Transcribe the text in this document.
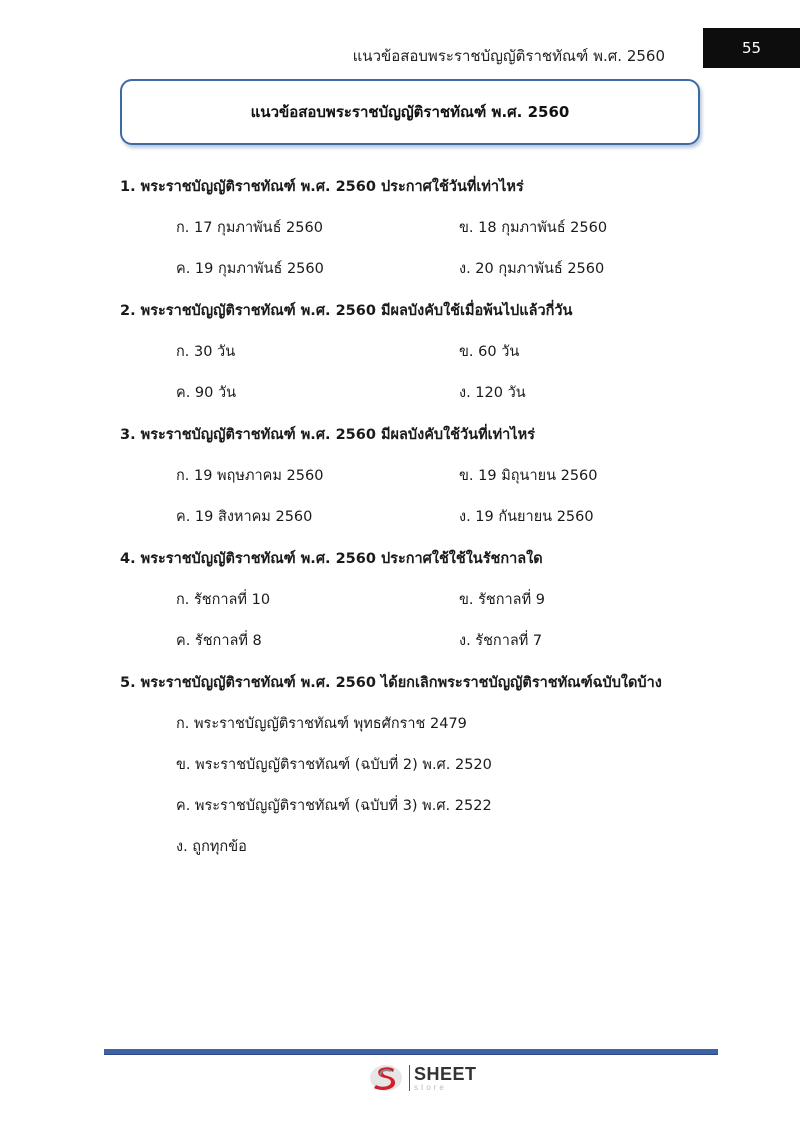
แนวข้อสอบพระราชบัญญัติราชทัณฑ์ พ.ศ. 2560	55
แนวข้อสอบพระราชบัญญัติราชทัณฑ์ พ.ศ. 2560
1. พระราชบัญญัติราชทัณฑ์ พ.ศ. 2560 ประกาศใช้วันที่เท่าไหร่
ก. 17 กุมภาพันธ์ 2560	ข. 18 กุมภาพันธ์ 2560
ค. 19 กุมภาพันธ์ 2560	ง. 20 กุมภาพันธ์ 2560
2. พระราชบัญญัติราชทัณฑ์ พ.ศ. 2560 มีผลบังคับใช้เมื่อพ้นไปแล้วกี่วัน
ก. 30 วัน	ข. 60 วัน
ค. 90 วัน	ง. 120 วัน
3. พระราชบัญญัติราชทัณฑ์ พ.ศ. 2560 มีผลบังคับใช้วันที่เท่าไหร่
ก. 19 พฤษภาคม 2560	ข. 19 มิถุนายน 2560
ค. 19 สิงหาคม 2560	ง. 19 กันยายน 2560
4. พระราชบัญญัติราชทัณฑ์ พ.ศ. 2560 ประกาศใช้ใช้ในรัชกาลใด
ก. รัชกาลที่ 10	ข. รัชกาลที่ 9
ค. รัชกาลที่ 8	ง. รัชกาลที่ 7
5. พระราชบัญญัติราชทัณฑ์ พ.ศ. 2560 ได้ยกเลิกพระราชบัญญัติราชทัณฑ์ฉบับใดบ้าง
ก. พระราชบัญญัติราชทัณฑ์ พุทธศักราช 2479
ข. พระราชบัญญัติราชทัณฑ์ (ฉบับที่ 2) พ.ศ. 2520
ค. พระราชบัญญัติราชทัณฑ์ (ฉบับที่ 3) พ.ศ. 2522
ง. ถูกทุกข้อ
SHEET
store
